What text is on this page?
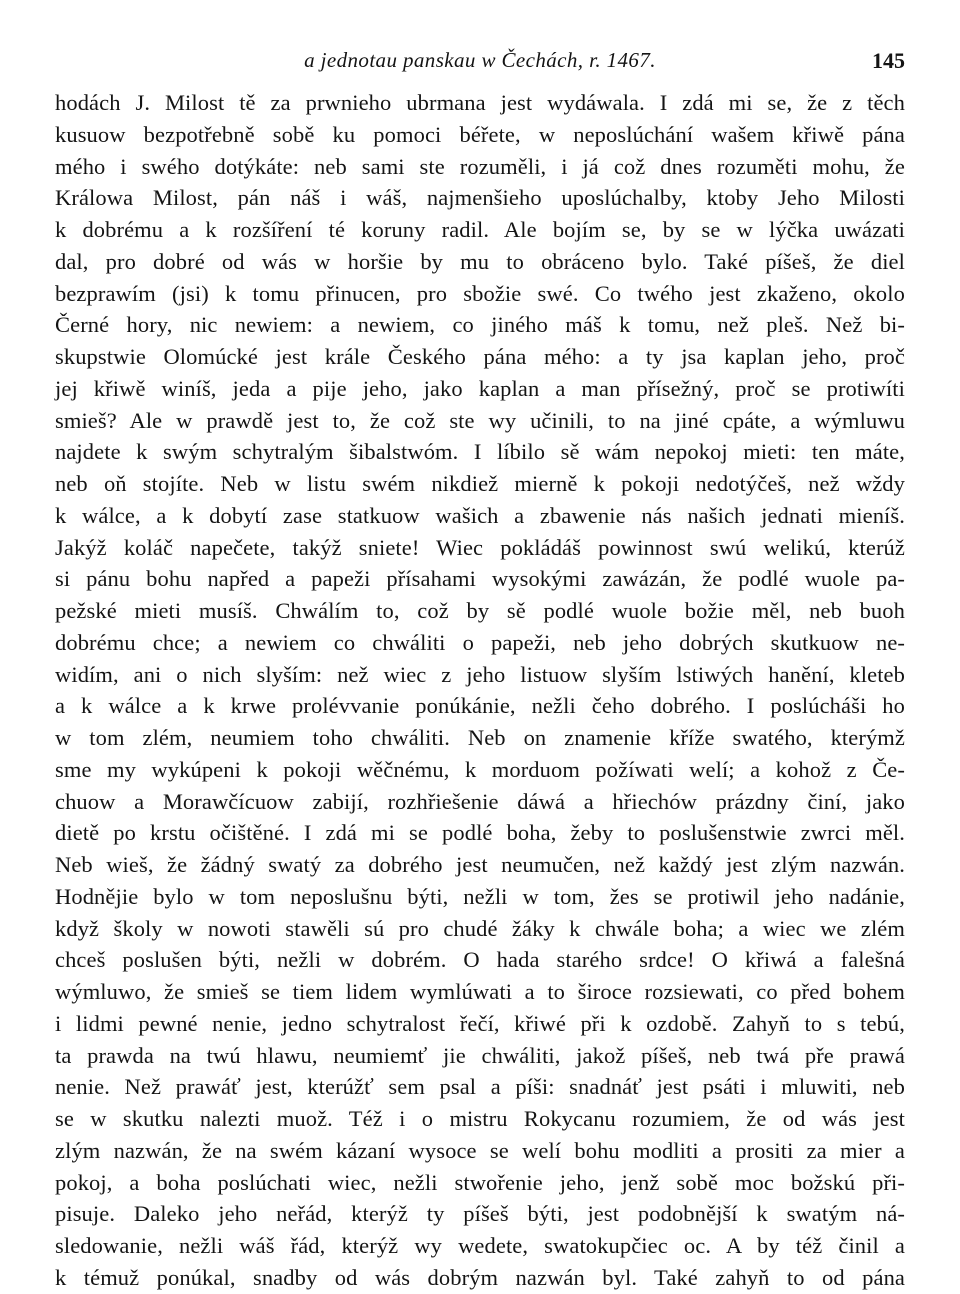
a jednotau panskau w Čechách, r. 1467.	145
hodách J. Milost tě za prwnieho ubrmana jest wydáwala. I zdá mi se, že z těch
kusuow bezpotřebně sobě ku pomoci béřete, w neposlúchání wašem křiwě pána
mého i swého dotýkáte: neb sami ste rozuměli, i já což dnes rozuměti mohu, že
Králowa Milost, pán náš i wáš, najmenšieho uposlúchalby, ktoby Jeho Milosti
k dobrému a k rozšíření té koruny radil. Ale bojím se, by se w lýčka uwázati
dal, pro dobré od wás w horšie by mu to obráceno bylo. Také píšeš, že diel
bezprawím (jsi) k tomu přinucen, pro sbožie swé. Co twého jest zkaženo, okolo
Černé hory, nic newiem: a newiem, co jiného máš k tomu, než pleš. Než bi-
skupstwie Olomúcké jest krále Českého pána mého: a ty jsa kaplan jeho, proč
jej křiwě winíš, jeda a pije jeho, jako kaplan a man přísežný, proč se protiwíti
smieš? Ale w prawdě jest to, že což ste wy učinili, to na jiné cpáte, a wýmluwu
najdete k swým schytralým šibalstwóm. I líbilo sě wám nepokoj mieti: ten máte,
neb oň stojíte. Neb w listu swém nikdiež mierně k pokoji nedotýčeš, než wždy
k wálce, a k dobytí zase statkuow wašich a zbawenie nás našich jednati mieníš.
Jakýž koláč napečete, takýž sniete! Wiec pokládáš powinnost swú welikú, kterúž
si pánu bohu napřed a papeži přísahami wysokými zawázán, že podlé wuole pa-
pežské mieti musíš. Chwálím to, což by sě podlé wuole božie měl, neb buoh
dobrému chce; a newiem co chwáliti o papeži, neb jeho dobrých skutkuow ne-
widím, ani o nich slyším: než wiec z jeho listuow slyším lstiwých hanění, kleteb
a k wálce a k krwe prolévvanie ponúkánie, nežli čeho dobrého. I poslúcháši ho
w tom zlém, neumiem toho chwáliti. Neb on znamenie kříže swatého, kterýmž
sme my wykúpeni k pokoji wěčnému, k morduom požíwati welí; a kohož z Če-
chuow a Morawčícuow zabijí, rozhřiešenie dáwá a hřiechów prázdny činí, jako
dietě po krstu očištěné. I zdá mi se podlé boha, žeby to poslušenstwie zwrci měl.
Neb wieš, že žádný swatý za dobrého jest neumučen, než každý jest zlým nazwán.
Hodnějie bylo w tom neposlušnu býti, nežli w tom, žes se protiwil jeho nadánie,
když školy w nowoti stawěli sú pro chudé žáky k chwále boha; a wiec we zlém
chceš poslušen býti, nežli w dobrém. O hada starého srdce! O křiwá a falešná
wýmluwo, že smieš se tiem lidem wymlúwati a to široce rozsiewati, co před bohem
i lidmi pewné nenie, jedno schytralost řečí, křiwé při k ozdobě. Zahyň to s tebú,
ta prawda na twú hlawu, neumiemť jie chwáliti, jakož píšeš, neb twá pře prawá
nenie. Než prawáť jest, kterúžť sem psal a píši: snadnáť jest psáti i mluwiti, neb
se w skutku nalezti muož. Též i o mistru Rokycanu rozumiem, že od wás jest
zlým nazwán, že na swém kázaní wysoce se welí bohu modliti a prositi za mier a
pokoj, a boha poslúchati wiec, nežli stwořenie jeho, jenž sobě moc božskú při-
pisuje. Daleko jeho neřád, kterýž ty píšeš býti, jest podobnější k swatým ná-
sledowanie, nežli wáš řád, kterýž wy wedete, swatokupčiec oc. A by též činil a
k témuž ponúkal, snadby od wás dobrým nazwán byl. Také zahyň to od pána
